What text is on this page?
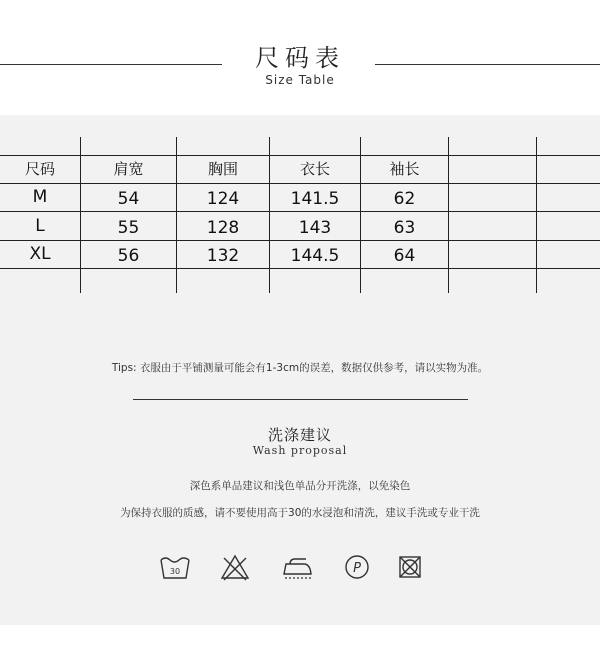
尺码表
Size Table
尺码	肩宽	胸围	衣长	袖长
M	54	124	141.5	62
L	55	128	143	63
XL	56	132	144.5	64
Tips: 衣服由于平铺测量可能会有1-3cm的误差，数据仅供参考，请以实物为准。
洗涤建议
Wash proposal
深色系单品建议和浅色单品分开洗涤，以免染色
为保持衣服的质感，请不要使用高于30的水浸泡和清洗，建议手洗或专业干洗
30	P
